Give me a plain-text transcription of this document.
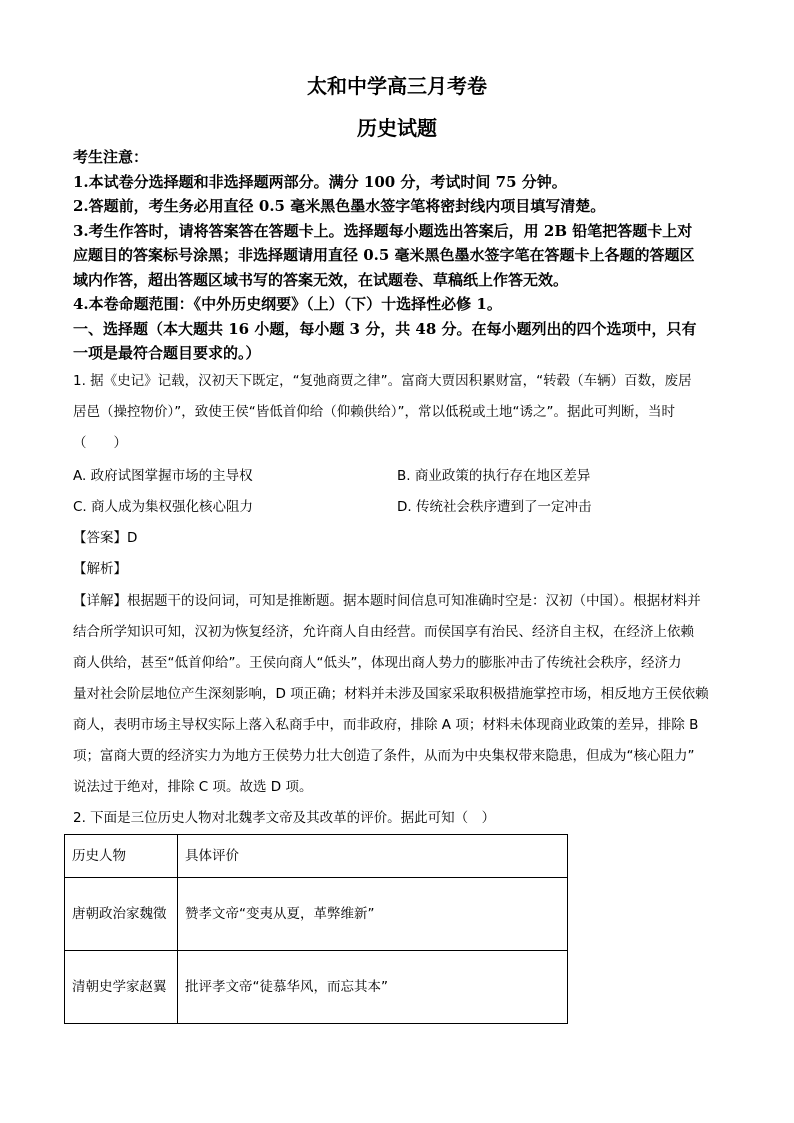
太和中学高三月考卷
历史试题
考生注意：
1.本试卷分选择题和非选择题两部分。满分 100 分，考试时间 75 分钟。
2.答题前，考生务必用直径 0.5 毫米黑色墨水签字笔将密封线内项目填写清楚。
3.考生作答时，请将答案答在答题卡上。选择题每小题选出答案后，用 2B 铅笔把答题卡上对
应题目的答案标号涂黑；非选择题请用直径 0.5 毫米黑色墨水签字笔在答题卡上各题的答题区
域内作答，超出答题区域书写的答案无效，在试题卷、草稿纸上作答无效。
4.本卷命题范围：《中外历史纲要》（上）（下）十选择性必修 1。
一、选择题（本大题共 16 小题，每小题 3 分，共 48 分。在每小题列出的四个选项中，只有
一项是最符合题目要求的。）
1. 据《史记》记载，汉初天下既定，“复弛商贾之律”。富商大贾因积累财富，“转毂（车辆）百数，废居
居邑（操控物价）”，致使王侯“皆低首仰给（仰赖供给）”，常以低税或土地“诱之”。据此可判断，当时
（　　）
A. 政府试图掌握市场的主导权	B. 商业政策的执行存在地区差异
C. 商人成为集权强化核心阻力	D. 传统社会秩序遭到了一定冲击
【答案】D
【解析】
【详解】根据题干的设问词，可知是推断题。据本题时间信息可知准确时空是：汉初（中国）。根据材料并
结合所学知识可知，汉初为恢复经济，允许商人自由经营。而侯国享有治民、经济自主权，在经济上依赖
商人供给，甚至“低首仰给”。王侯向商人“低头”，体现出商人势力的膨胀冲击了传统社会秩序，经济力
量对社会阶层地位产生深刻影响，D 项正确；材料并未涉及国家采取积极措施掌控市场，相反地方王侯依赖
商人，表明市场主导权实际上落入私商手中，而非政府，排除 A 项；材料未体现商业政策的差异，排除 B
项；富商大贾的经济实力为地方王侯势力壮大创造了条件，从而为中央集权带来隐患，但成为“核心阻力”
说法过于绝对，排除 C 项。故选 D 项。
2. 下面是三位历史人物对北魏孝文帝及其改革的评价。据此可知（　）
历史人物	具体评价
唐朝政治家魏徵	赞孝文帝“变夷从夏，革弊维新”
清朝史学家赵翼	批评孝文帝“徒慕华风，而忘其本”
